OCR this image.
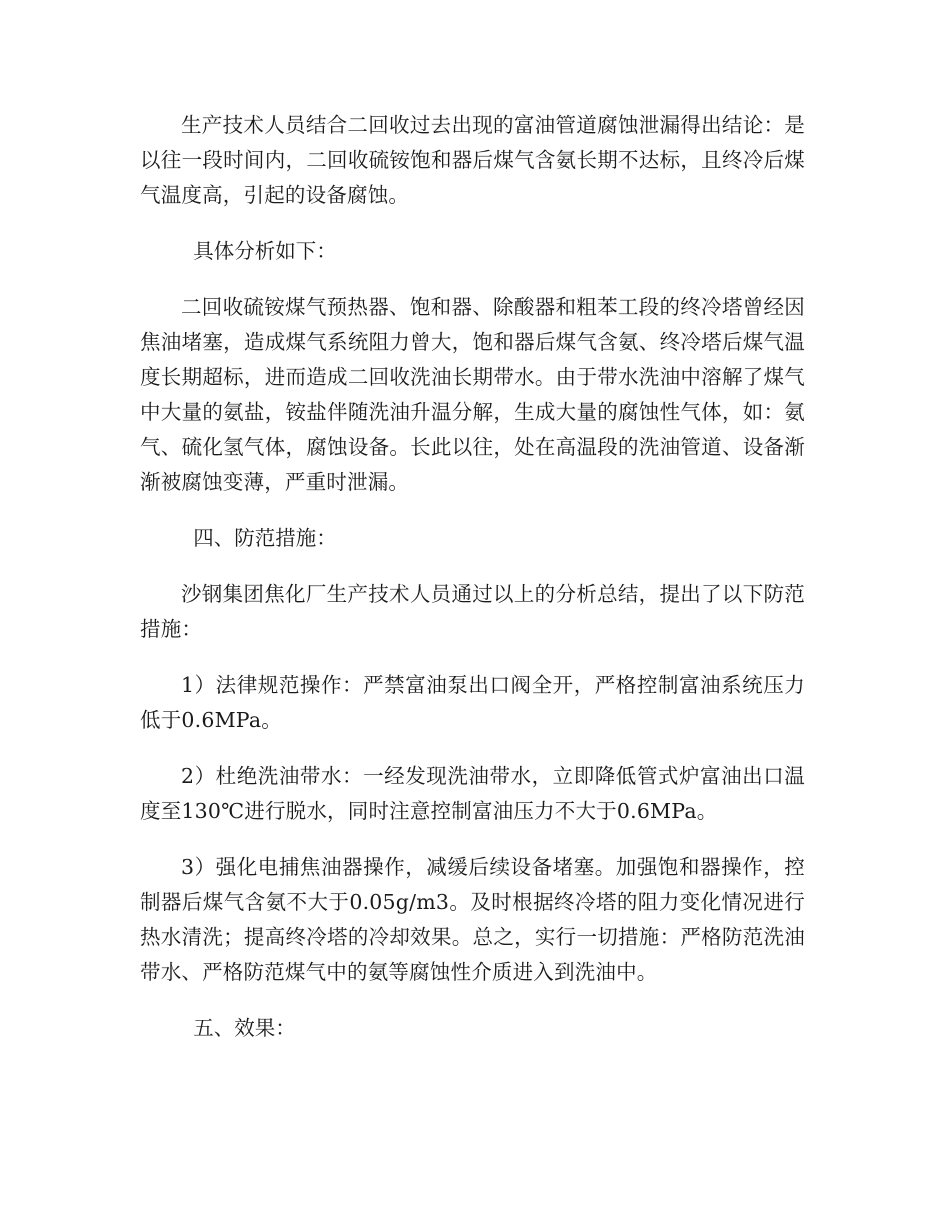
生产技术人员结合二回收过去出现的富油管道腐蚀泄漏得出结论：是以往一段时间内，二回收硫铵饱和器后煤气含氨长期不达标，且终冷后煤气温度高，引起的设备腐蚀。

具体分析如下：

二回收硫铵煤气预热器、饱和器、除酸器和粗苯工段的终冷塔曾经因焦油堵塞，造成煤气系统阻力曾大，饱和器后煤气含氨、终冷塔后煤气温度长期超标，进而造成二回收洗油长期带水。由于带水洗油中溶解了煤气中大量的氨盐，铵盐伴随洗油升温分解，生成大量的腐蚀性气体，如：氨气、硫化氢气体，腐蚀设备。长此以往，处在高温段的洗油管道、设备渐渐被腐蚀变薄，严重时泄漏。

四、防范措施：

沙钢集团焦化厂生产技术人员通过以上的分析总结，提出了以下防范措施：

1）法律规范操作：严禁富油泵出口阀全开，严格控制富油系统压力低于0.6MPa。

2）杜绝洗油带水：一经发现洗油带水，立即降低管式炉富油出口温度至130℃进行脱水，同时注意控制富油压力不大于0.6MPa。

3）强化电捕焦油器操作，减缓后续设备堵塞。加强饱和器操作，控制器后煤气含氨不大于0.05g/m3。及时根据终冷塔的阻力变化情况进行热水清洗；提高终冷塔的冷却效果。总之，实行一切措施：严格防范洗油带水、严格防范煤气中的氨等腐蚀性介质进入到洗油中。

五、效果：
